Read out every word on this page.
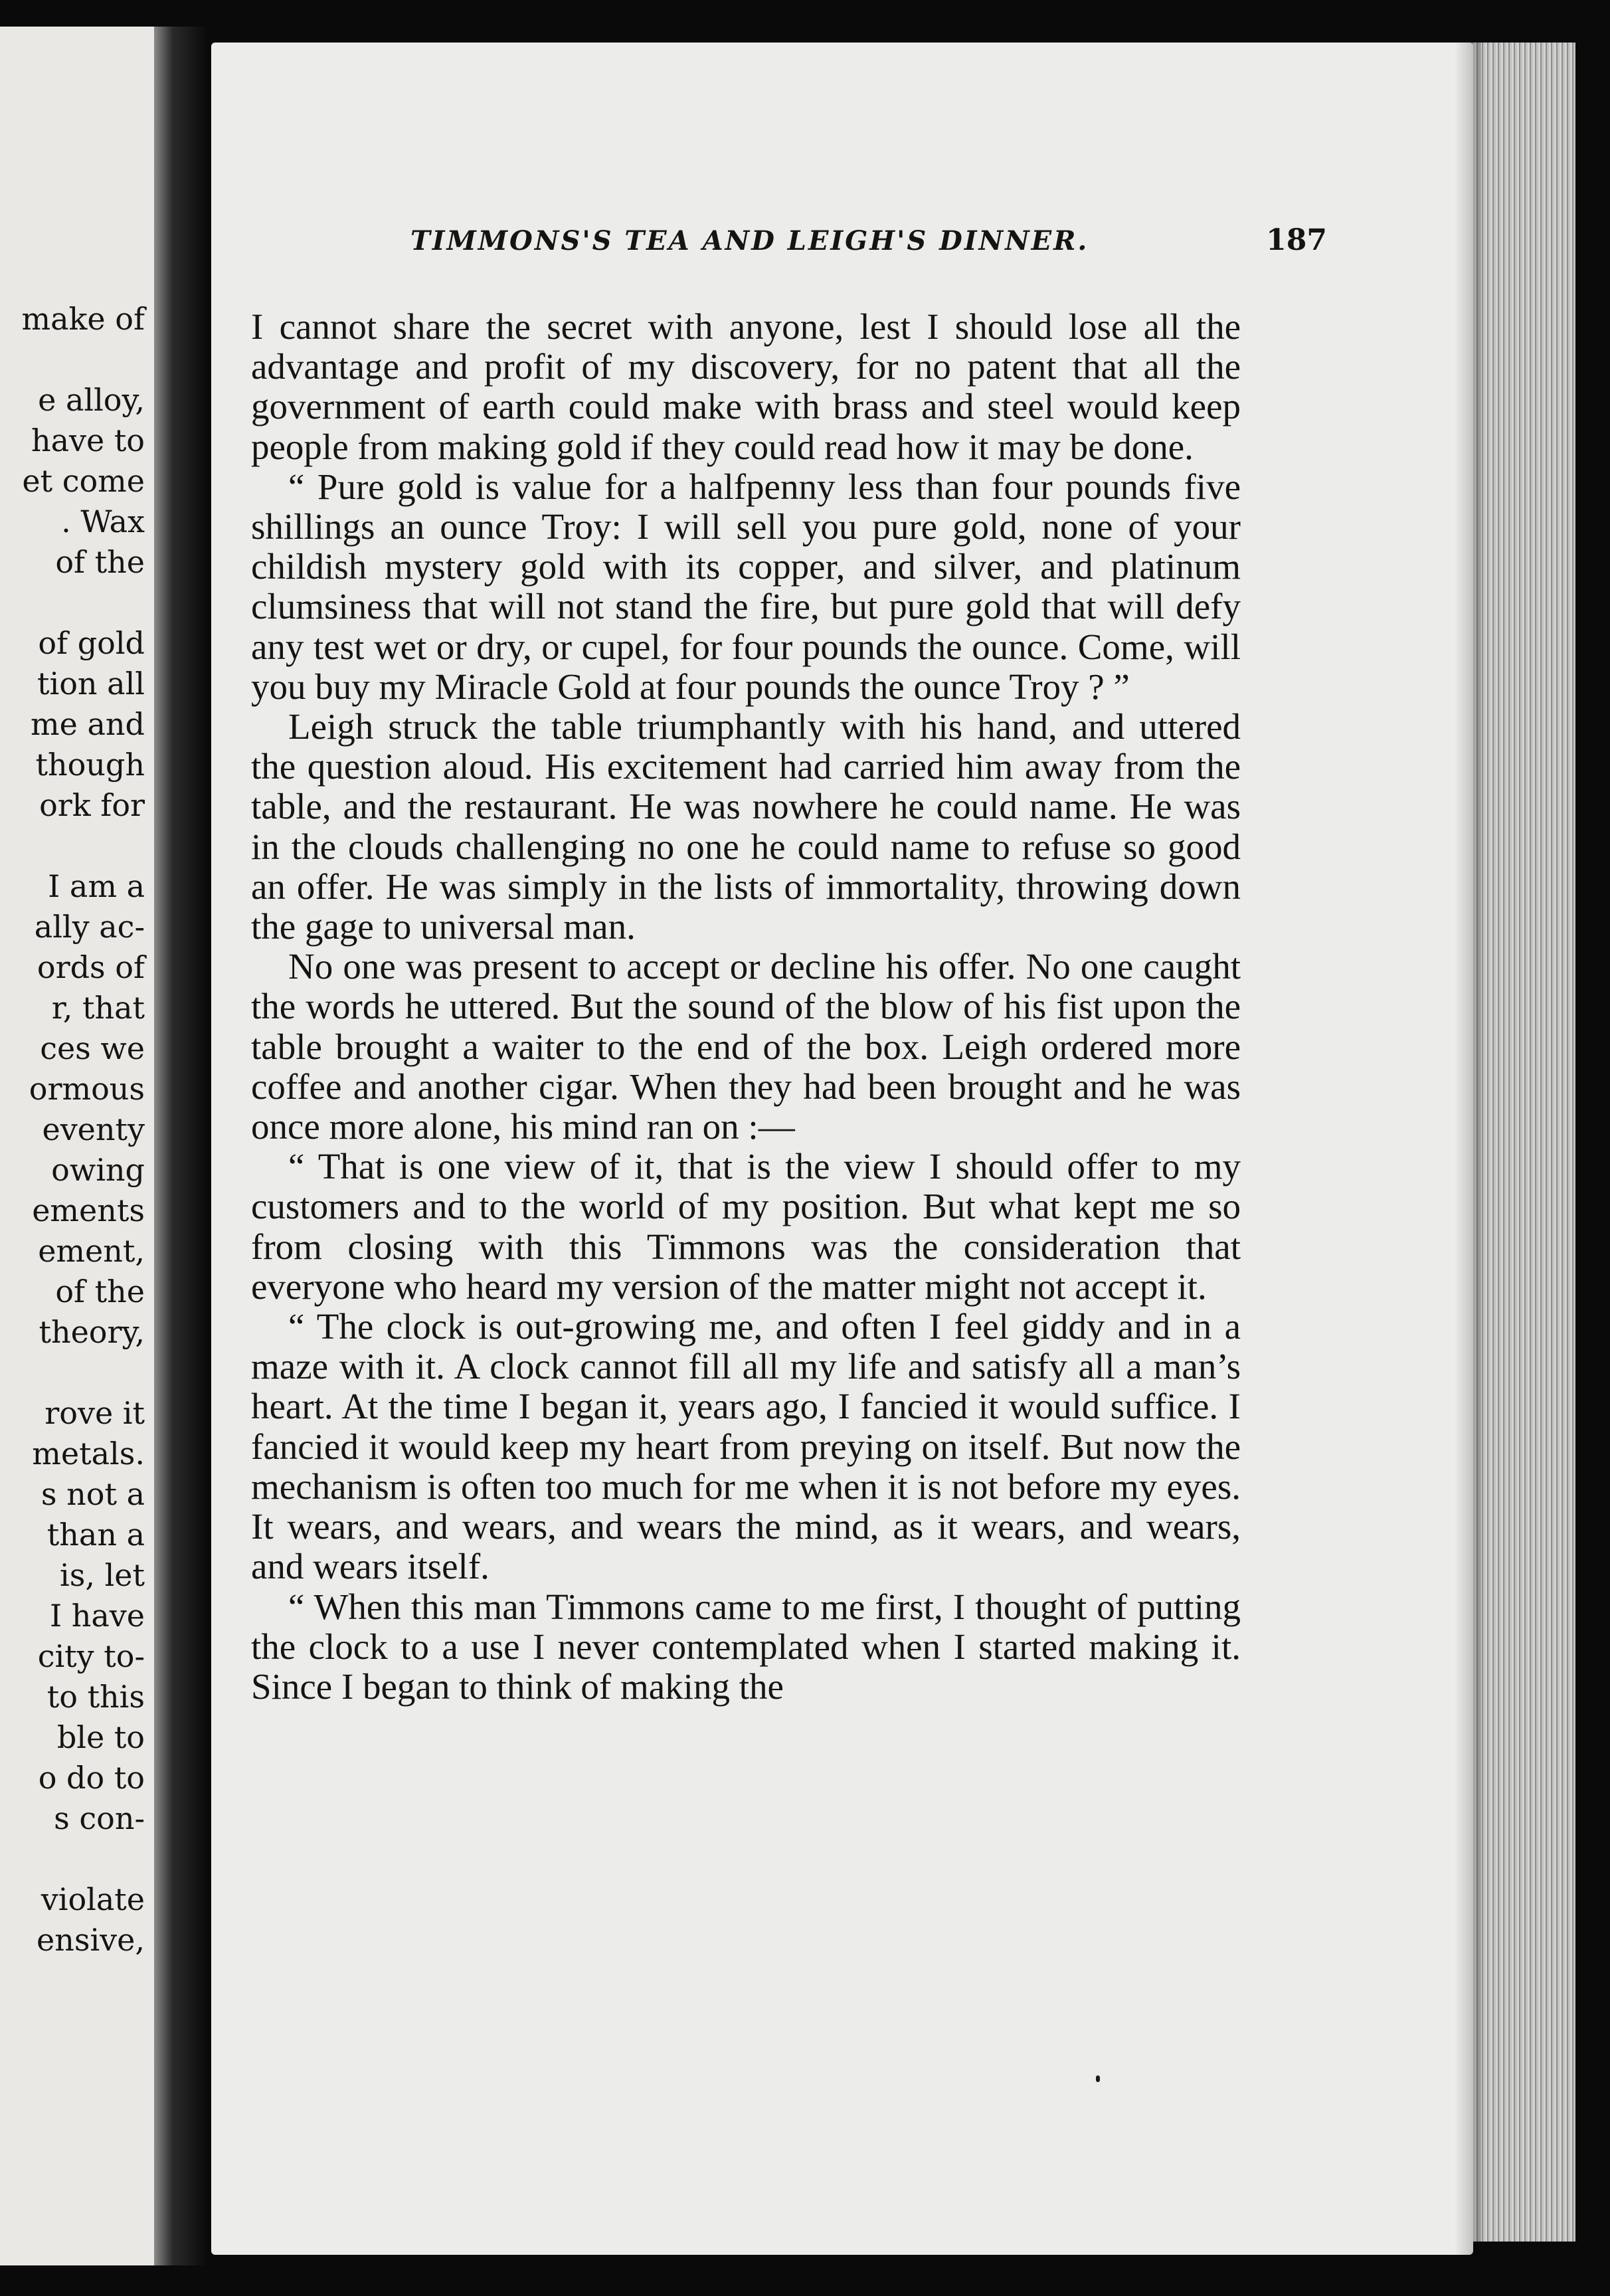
make of
e alloy,
have to
et come
. Wax
of the
of gold
tion all
me and
though
ork for
I am a
ally ac-
ords of
r, that
ces we
ormous
eventy
owing
ements
ement,
of the
theory,
rove it
metals.
s not a
than a
is, let
I have
city to-
to this
ble to
o do to
s con-
violate
ensive,
TIMMONS'S TEA AND LEIGH'S DINNER.	187

I cannot share the secret with anyone, lest I should lose all the advantage and profit of my discovery, for no patent that all the government of earth could make with brass and steel would keep people from making gold if they could read how it may be done.

“ Pure gold is value for a halfpenny less than four pounds five shillings an ounce Troy: I will sell you pure gold, none of your childish mystery gold with its copper, and silver, and platinum clumsiness that will not stand the fire, but pure gold that will defy any test wet or dry, or cupel, for four pounds the ounce. Come, will you buy my Miracle Gold at four pounds the ounce Troy ? ”

Leigh struck the table triumphantly with his hand, and uttered the question aloud. His excitement had carried him away from the table, and the restaurant. He was nowhere he could name. He was in the clouds challenging no one he could name to refuse so good an offer. He was simply in the lists of immortality, throwing down the gage to universal man.

No one was present to accept or decline his offer. No one caught the words he uttered. But the sound of the blow of his fist upon the table brought a waiter to the end of the box. Leigh ordered more coffee and another cigar. When they had been brought and he was once more alone, his mind ran on :—

“ That is one view of it, that is the view I should offer to my customers and to the world of my position. But what kept me so from closing with this Timmons was the consideration that everyone who heard my version of the matter might not accept it.

“ The clock is out-growing me, and often I feel giddy and in a maze with it. A clock cannot fill all my life and satisfy all a man’s heart. At the time I began it, years ago, I fancied it would suffice. I fancied it would keep my heart from preying on itself. But now the mechanism is often too much for me when it is not before my eyes. It wears, and wears, and wears the mind, as it wears, and wears, and wears itself.

“ When this man Timmons came to me first, I thought of putting the clock to a use I never contemplated when I started making it. Since I began to think of making the
